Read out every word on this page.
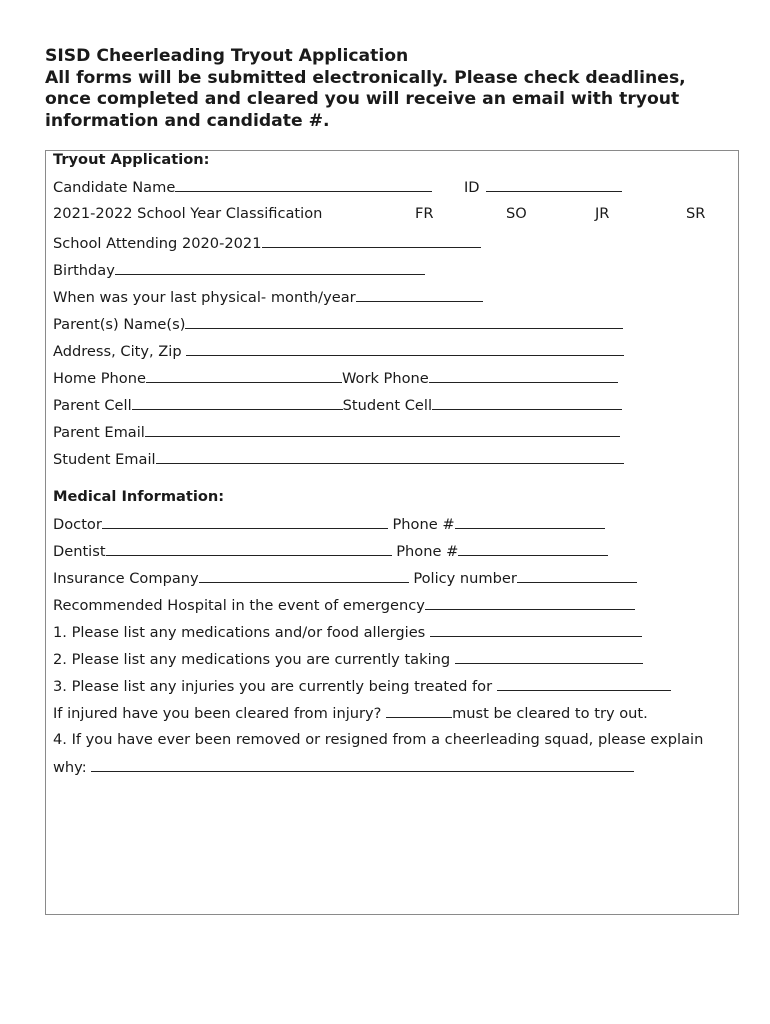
SISD Cheerleading Tryout Application
All forms will be submitted electronically. Please check deadlines,
once completed and cleared you will receive an email with tryout
information and candidate #.
Tryout Application:
Candidate Name	ID
2021-2022 School Year Classification	FR	SO	JR	SR
School Attending 2020-2021
Birthday
When was your last physical- month/year
Parent(s) Name(s)
Address, City, Zip
Home Phone	Work Phone
Parent Cell	Student Cell
Parent Email
Student Email
Medical Information:
Doctor	Phone #
Dentist	Phone #
Insurance Company	Policy number
Recommended Hospital in the event of emergency
1. Please list any medications and/or food allergies
2. Please list any medications you are currently taking
3. Please list any injuries you are currently being treated for
If injured have you been cleared from injury?	must be cleared to try out.
4. If you have ever been removed or resigned from a cheerleading squad, please explain
why:
